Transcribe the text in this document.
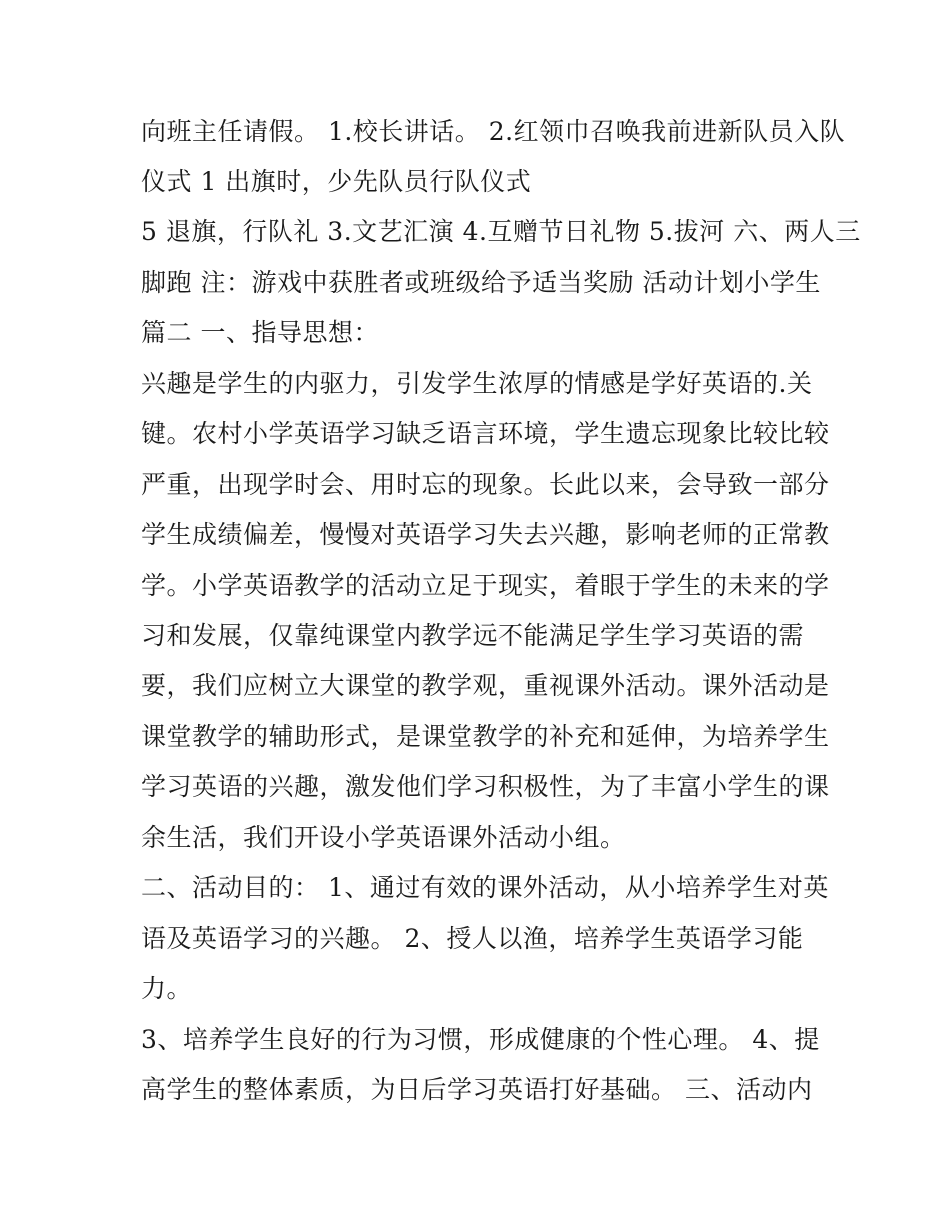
向班主任请假。 1.校长讲话。 2.红领巾召唤我前进新队员入队
仪式 1 出旗时，少先队员行队仪式
5 退旗，行队礼 3.文艺汇演 4.互赠节日礼物 5.拔河 六、两人三
脚跑 注：游戏中获胜者或班级给予适当奖励 活动计划小学生
篇二 一、指导思想：
兴趣是学生的内驱力，引发学生浓厚的情感是学好英语的.关
键。农村小学英语学习缺乏语言环境，学生遗忘现象比较比较
严重，出现学时会、用时忘的现象。长此以来，会导致一部分
学生成绩偏差，慢慢对英语学习失去兴趣，影响老师的正常教
学。小学英语教学的活动立足于现实，着眼于学生的未来的学
习和发展，仅靠纯课堂内教学远不能满足学生学习英语的需
要，我们应树立大课堂的教学观，重视课外活动。课外活动是
课堂教学的辅助形式，是课堂教学的补充和延伸，为培养学生
学习英语的兴趣，激发他们学习积极性，为了丰富小学生的课
余生活，我们开设小学英语课外活动小组。
二、活动目的： 1、通过有效的课外活动，从小培养学生对英
语及英语学习的兴趣。 2、授人以渔，培养学生英语学习能
力。
3、培养学生良好的行为习惯，形成健康的个性心理。 4、提
高学生的整体素质，为日后学习英语打好基础。 三、活动内
